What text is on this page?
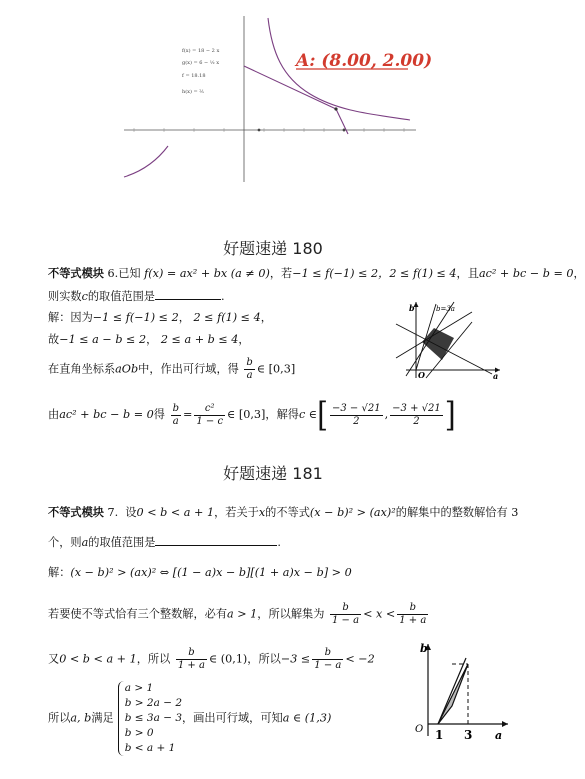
f(x) = 18 − 2 x
g(x) = 6 − ¹⁄₂ x
f = 18.18
h(x) = ²⁄ₓ
A: (8.00, 2.00)
好题速递 180
不等式模块 6.已知 f(x) = ax² + bx (a ≠ 0)，若−1 ≤ f(−1) ≤ 2，2 ≤ f(1) ≤ 4，且ac² + bc − b = 0，
则实数c的取值范围是	.
解：因为−1 ≤ f(−1) ≤ 2， 2 ≤ f(1) ≤ 4，
故−1 ≤ a − b ≤ 2， 2 ≤ a + b ≤ 4，
在直角坐标系aOb中，作出可行域，得 $\frac{b}{a}$ ∈ [0,3]
由ac² + bc − b = 0得 $\frac{b}{a} = \frac{\text{c²}}{1 - c}$ ∈ [0,3]，解得c ∈[ $\frac{-3 - √21}{2}$ , $\frac{-3 + √21}{2}$ ]
b	b=3a
O	a
好题速递 181
不等式模块 7. 设0 < b < a + 1，若关于x的不等式(x − b)² > (ax)²的解集中的整数解恰有 3
个，则a的取值范围是	.
解：(x − b)² > (ax)² ⇔ [(1 − a)x − b][(1 + a)x − b] > 0
若要使不等式恰有三个整数解，必有a > 1，所以解集为 $\frac{b}{1 - a} < x < \frac{b}{1 + a}$
又0 < b < a + 1，所以 $\frac{b}{1 + a}$ ∈ (0,1)，所以$-3 \le \frac{b}{1 - a} < -2$
所以a, b满足
a > 1
b > 2a − 2
b ≤ 3a − 3
b > 0
b < a + 1
，画出可行域，可知a ∈ (1,3)
b
O 1 3 a
